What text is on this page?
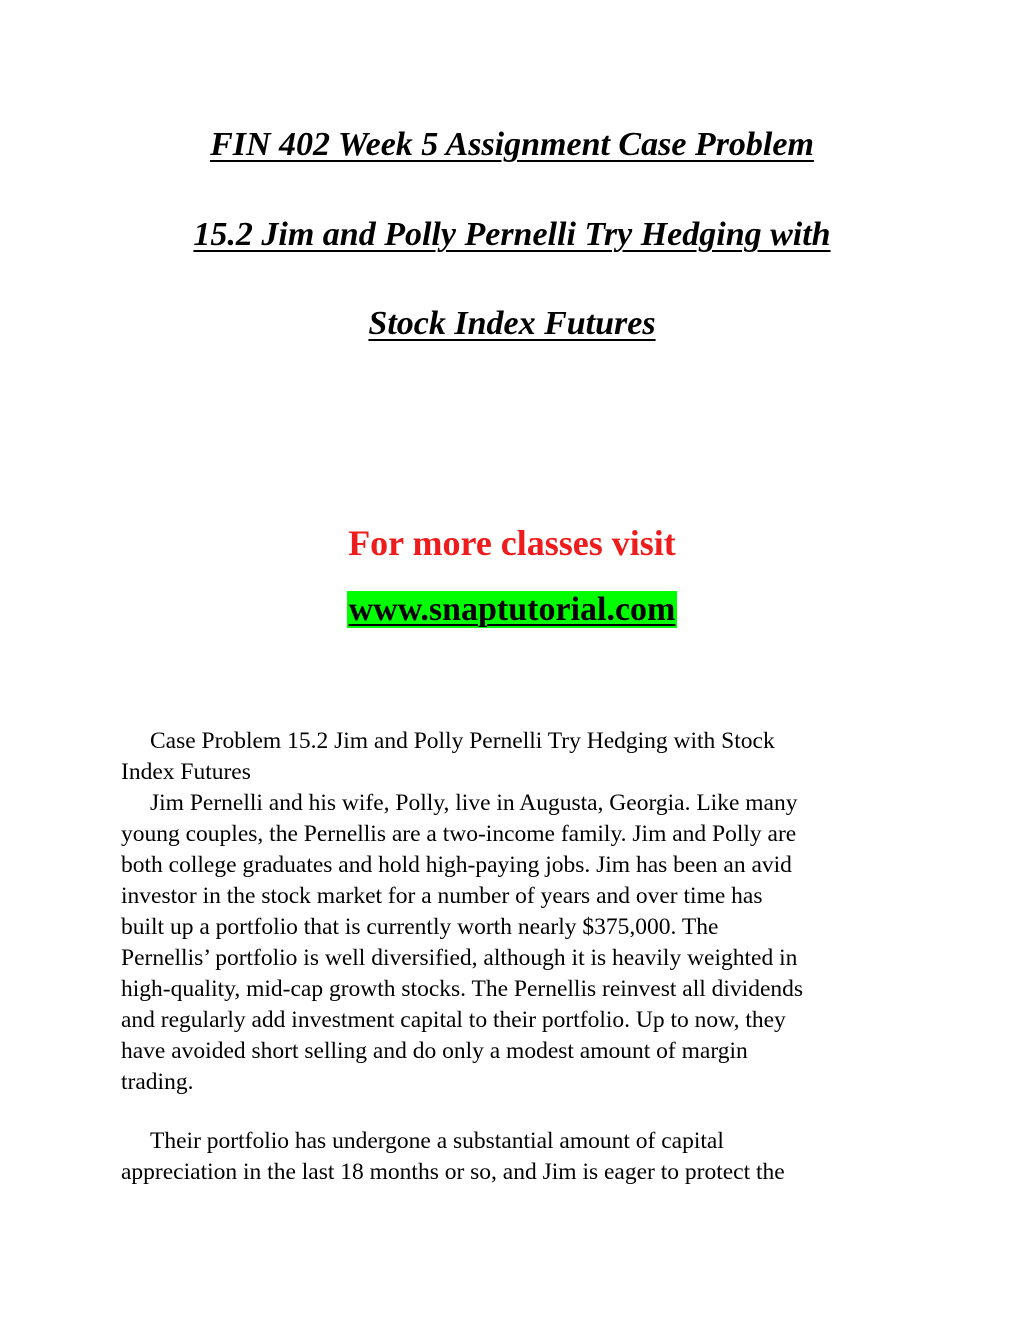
FIN 402 Week 5 Assignment Case Problem
15.2 Jim and Polly Pernelli Try Hedging with
Stock Index Futures
For more classes visit
www.snaptutorial.com
Case Problem 15.2 Jim and Polly Pernelli Try Hedging with Stock
Index Futures
Jim Pernelli and his wife, Polly, live in Augusta, Georgia. Like many
young couples, the Pernellis are a two-income family. Jim and Polly are
both college graduates and hold high-paying jobs. Jim has been an avid
investor in the stock market for a number of years and over time has
built up a portfolio that is currently worth nearly $375,000. The
Pernellis’ portfolio is well diversified, although it is heavily weighted in
high-quality, mid-cap growth stocks. The Pernellis reinvest all dividends
and regularly add investment capital to their portfolio. Up to now, they
have avoided short selling and do only a modest amount of margin
trading.
Their portfolio has undergone a substantial amount of capital
appreciation in the last 18 months or so, and Jim is eager to protect the
